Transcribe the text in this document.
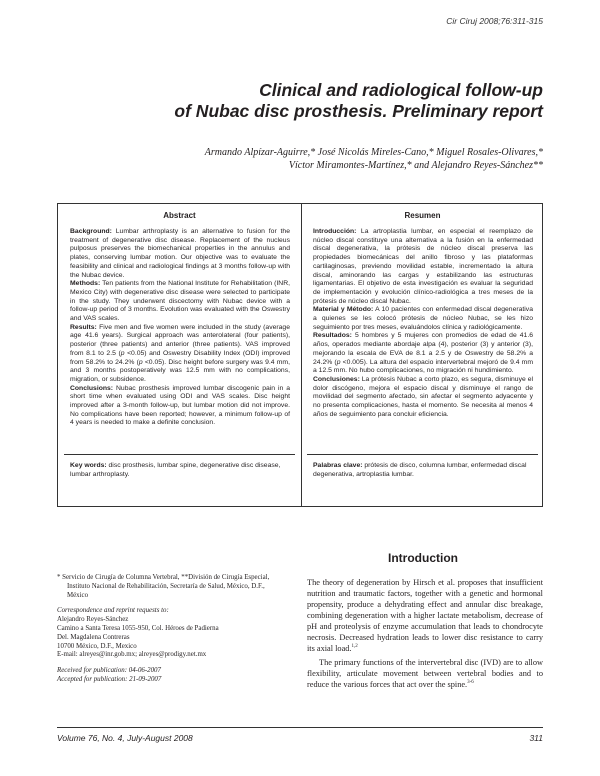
Cir Ciruj 2008;76:311-315
Clinical and radiological follow-up
of Nubac disc prosthesis. Preliminary report
Armando Alpízar-Aguirre,* José Nicolás Mireles-Cano,* Miguel Rosales-Olivares,*
Víctor Miramontes-Martínez,* and Alejandro Reyes-Sánchez**
Abstract

Background: Lumbar arthroplasty is an alternative to fusion for the treatment of degenerative disc disease. Replacement of the nucleus pulposus preserves the biomechanical properties in the annulus and plates, conserving lumbar motion. Our objective was to evaluate the feasibility and clinical and radiological findings at 3 months follow-up with the Nubac device.

Methods: Ten patients from the National Institute for Rehabilitation (INR, Mexico City) with degenerative disc disease were selected to participate in the study. They underwent discectomy with Nubac device with a follow-up period of 3 months. Evolution was evaluated with the Oswestry and VAS scales.

Results: Five men and five women were included in the study (average age 41.6 years). Surgical approach was anterolateral (four patients), posterior (three patients) and anterior (three patients). VAS improved from 8.1 to 2.5 (p <0.05) and Oswestry Disability Index (ODI) improved from 58.2% to 24.2% (p <0.05). Disc height before surgery was 9.4 mm, and 3 months postoperatively was 12.5 mm with no complications, migration, or subsidence.

Conclusions: Nubac prosthesis improved lumbar discogenic pain in a short time when evaluated using ODI and VAS scales. Disc height improved after a 3-month follow-up, but lumbar motion did not improve. No complications have been reported; however, a minimum follow-up of 4 years is needed to make a definite conclusion.

Key words: disc prosthesis, lumbar spine, degenerative disc disease, lumbar arthroplasty.
Resumen

Introducción: La artroplastia lumbar, en especial el reemplazo de núcleo discal constituye una alternativa a la fusión en la enfermedad discal degenerativa, la prótesis de núcleo discal preserva las propiedades biomecánicas del anillo fibroso y las plataformas cartilaginosas, previendo movilidad estable, incrementado la altura discal, aminorando las cargas y estabilizando las estructuras ligamentarias. El objetivo de esta investigación es evaluar la seguridad de implementación y evolución clínico-radiológica a tres meses de la prótesis de núcleo discal Nubac.

Material y Método: A 10 pacientes con enfermedad discal degenerativa a quienes se les colocó prótesis de núcleo Nubac, se les hizo seguimiento por tres meses, evaluándolos clínica y radiológicamente.

Resultados: 5 hombres y 5 mujeres con promedios de edad de 41.6 años, operados mediante abordaje alpa (4), posterior (3) y anterior (3), mejorando la escala de EVA de 8.1 a 2.5 y de Oswestry de 58.2% a 24.2% (p <0.005). La altura del espacio intervertebral mejoró de 9.4 mm a 12.5 mm. No hubo complicaciones, no migración ni hundimiento.

Conclusiones: La prótesis Nubac a corto plazo, es segura, disminuye el dolor discógeno, mejora el espacio discal y disminuye el rango de movilidad del segmento afectado, sin afectar el segmento adyacente y no presenta complicaciones, hasta el momento. Se necesita al menos 4 años de seguimiento para concluir eficiencia.

Palabras clave: prótesis de disco, columna lumbar, enfermedad discal degenerativa, artroplastia lumbar.

* Servicio de Cirugía de Columna Vertebral, **División de Cirugía Especial, Instituto Nacional de Rehabilitación, Secretaría de Salud, México, D.F., México

Correspondence and reprint requests to:

Alejandro Reyes-Sánchez

Camino a Santa Teresa 1055-950, Col. Héroes de Padierna

Del. Magdalena Contreras

10700 México, D.F., Mexico

E-mail: alreyes@inr.gob.mx; alreyes@prodigy.net.mx

Received for publication: 04-06-2007

Accepted for publication: 21-09-2007

Introduction

The theory of degeneration by Hirsch et al. proposes that insufficient nutrition and traumatic factors, together with a genetic and hormonal propensity, produce a dehydrating effect and annular disc breakage, combining degeneration with a higher lactate metabolism, decrease of pH and proteolysis of enzyme accumulation that leads to chondrocyte necrosis. Decreased hydration leads to lower disc resistance to carry its axial load.$^{1,2}$

The primary functions of the intervertebral disc (IVD) are to allow flexibility, articulate movement between vertebral bodies and to reduce the various forces that act over the spine.$^{3-6}$

Volume 76, No. 4, July-August 2008	311
